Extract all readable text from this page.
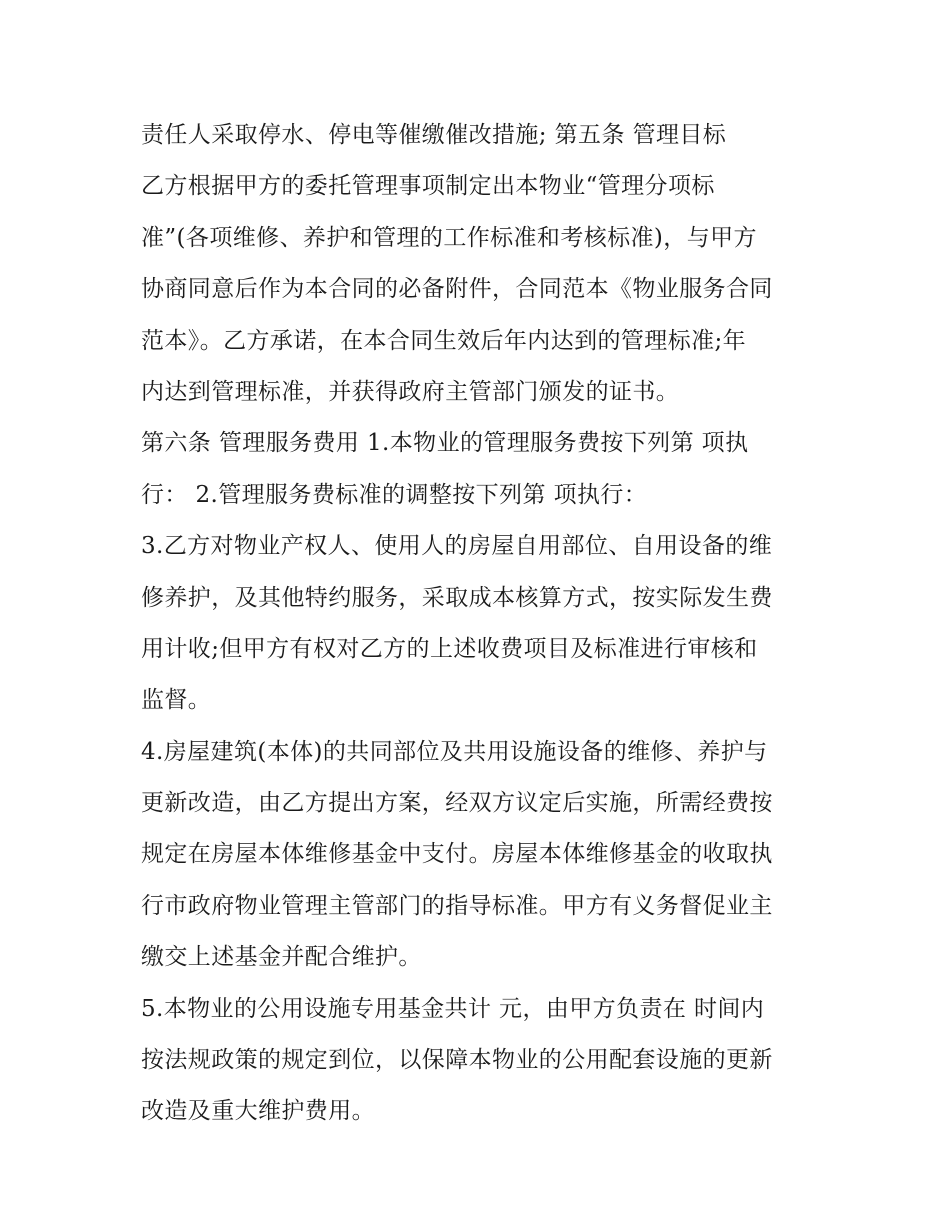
责任人采取停水、停电等催缴催改措施; 第五条 管理目标
乙方根据甲方的委托管理事项制定出本物业“管理分项标
准”(各项维修、养护和管理的工作标准和考核标准)，与甲方
协商同意后作为本合同的必备附件，合同范本《物业服务合同
范本》。乙方承诺，在本合同生效后年内达到的管理标准;年
内达到管理标准，并获得政府主管部门颁发的证书。
第六条 管理服务费用 1.本物业的管理服务费按下列第 项执
行： 2.管理服务费标准的调整按下列第 项执行：
3.乙方对物业产权人、使用人的房屋自用部位、自用设备的维
修养护，及其他特约服务，采取成本核算方式，按实际发生费
用计收;但甲方有权对乙方的上述收费项目及标准进行审核和
监督。
4.房屋建筑(本体)的共同部位及共用设施设备的维修、养护与
更新改造，由乙方提出方案，经双方议定后实施，所需经费按
规定在房屋本体维修基金中支付。房屋本体维修基金的收取执
行市政府物业管理主管部门的指导标准。甲方有义务督促业主
缴交上述基金并配合维护。
5.本物业的公用设施专用基金共计 元，由甲方负责在 时间内
按法规政策的规定到位，以保障本物业的公用配套设施的更新
改造及重大维护费用。
